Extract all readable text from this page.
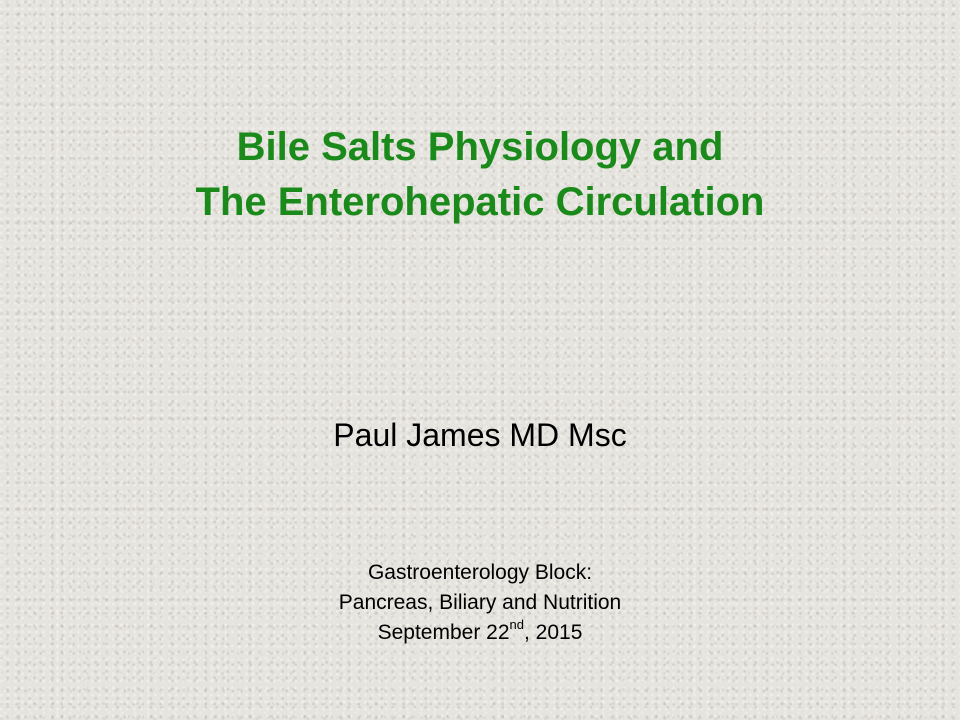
Bile Salts Physiology and
The Enterohepatic Circulation
Paul James MD Msc
Gastroenterology Block:
Pancreas, Biliary and Nutrition
September 22nd, 2015
